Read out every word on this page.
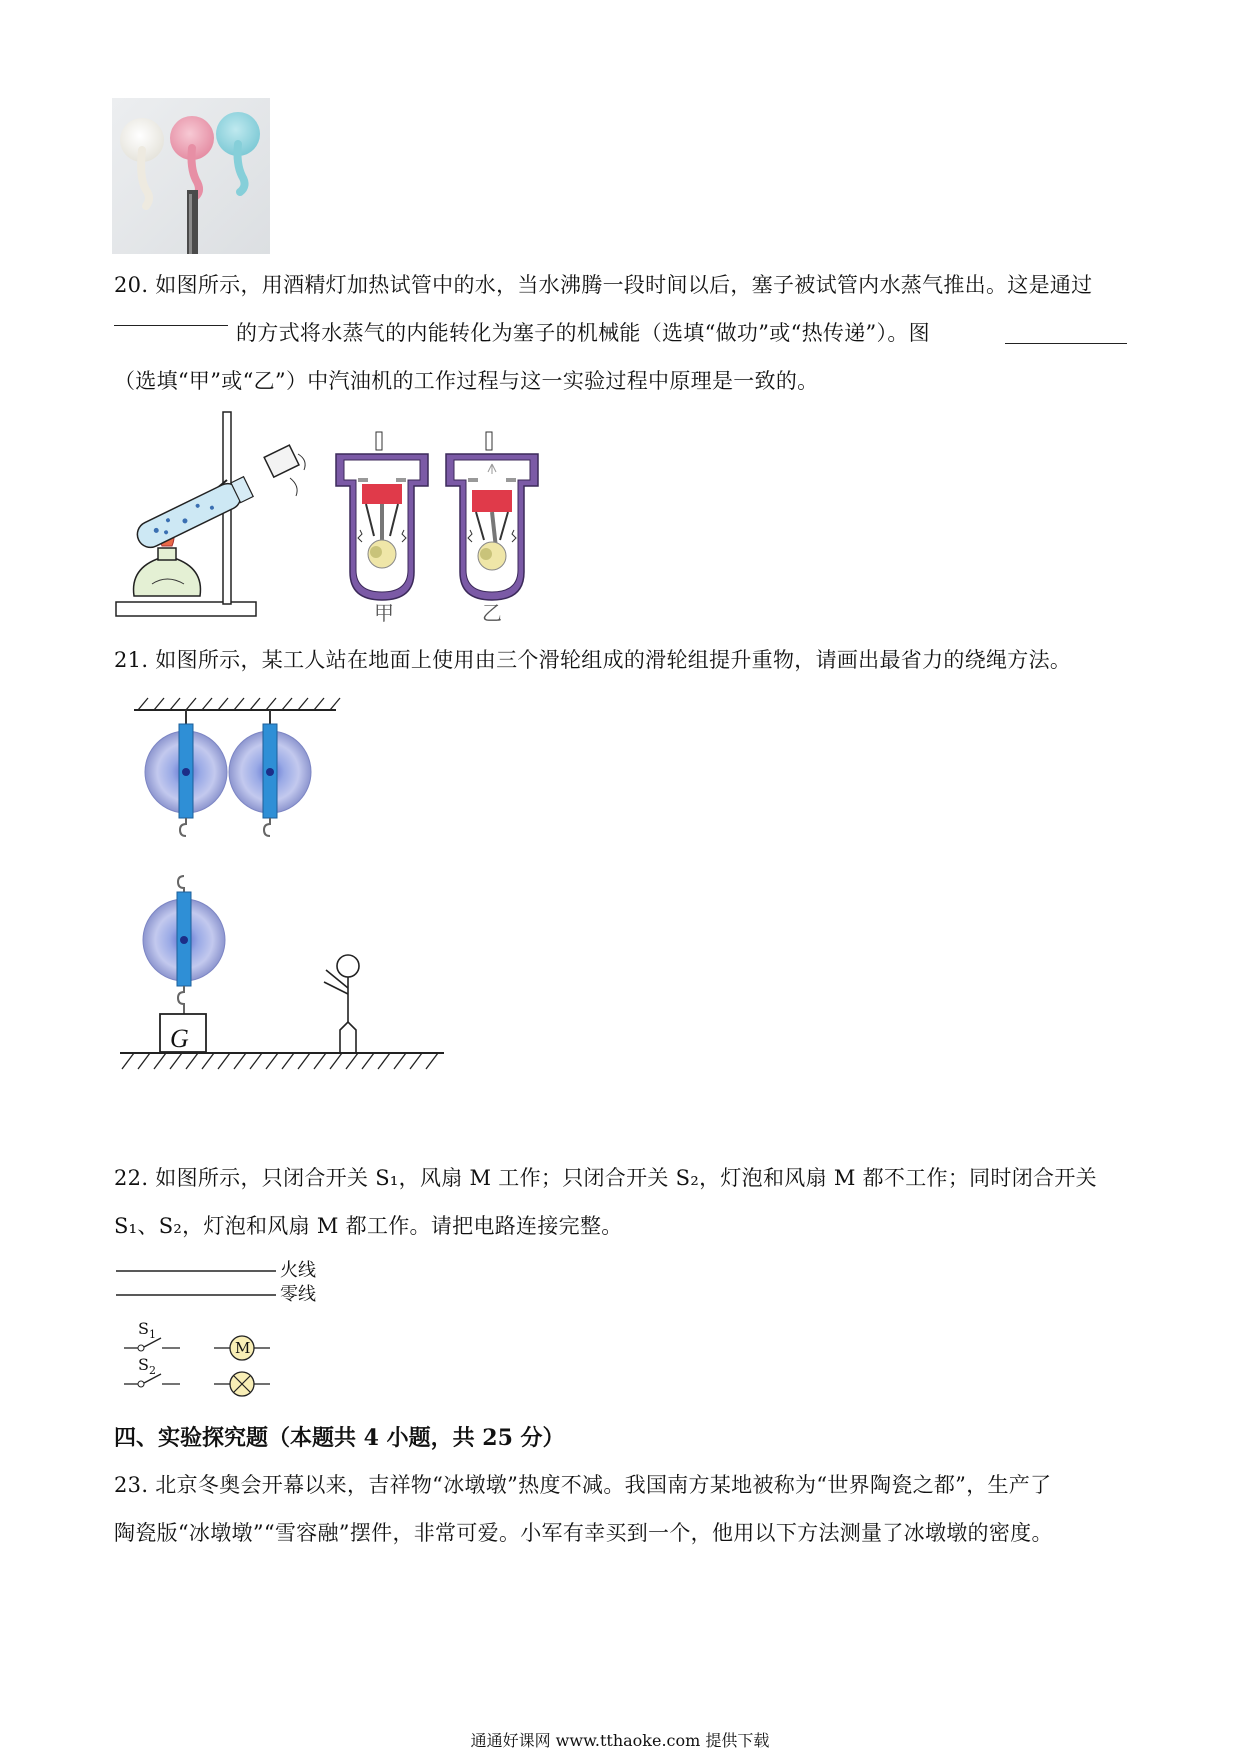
20. 如图所示，用酒精灯加热试管中的水，当水沸腾一段时间以后，塞子被试管内水蒸气推出。这是通过
的方式将水蒸气的内能转化为塞子的机械能（选填“做功”或“热传递”）。图
（选填“甲”或“乙”）中汽油机的工作过程与这一实验过程中原理是一致的。
甲	乙
21. 如图所示，某工人站在地面上使用由三个滑轮组成的滑轮组提升重物，请画出最省力的绕绳方法。
G
22. 如图所示，只闭合开关 S₁，风扇 M 工作；只闭合开关 S₂，灯泡和风扇 M 都不工作；同时闭合开关
S₁、S₂，灯泡和风扇 M 都工作。请把电路连接完整。
火线
零线
$S_1$
$S_2$
M
四、实验探究题（本题共 4 小题，共 25 分）
23. 北京冬奥会开幕以来，吉祥物“冰墩墩”热度不减。我国南方某地被称为“世界陶瓷之都”，生产了
陶瓷版“冰墩墩”“雪容融”摆件，非常可爱。小军有幸买到一个，他用以下方法测量了冰墩墩的密度。
通通好课网 www.tthaoke.com 提供下载
